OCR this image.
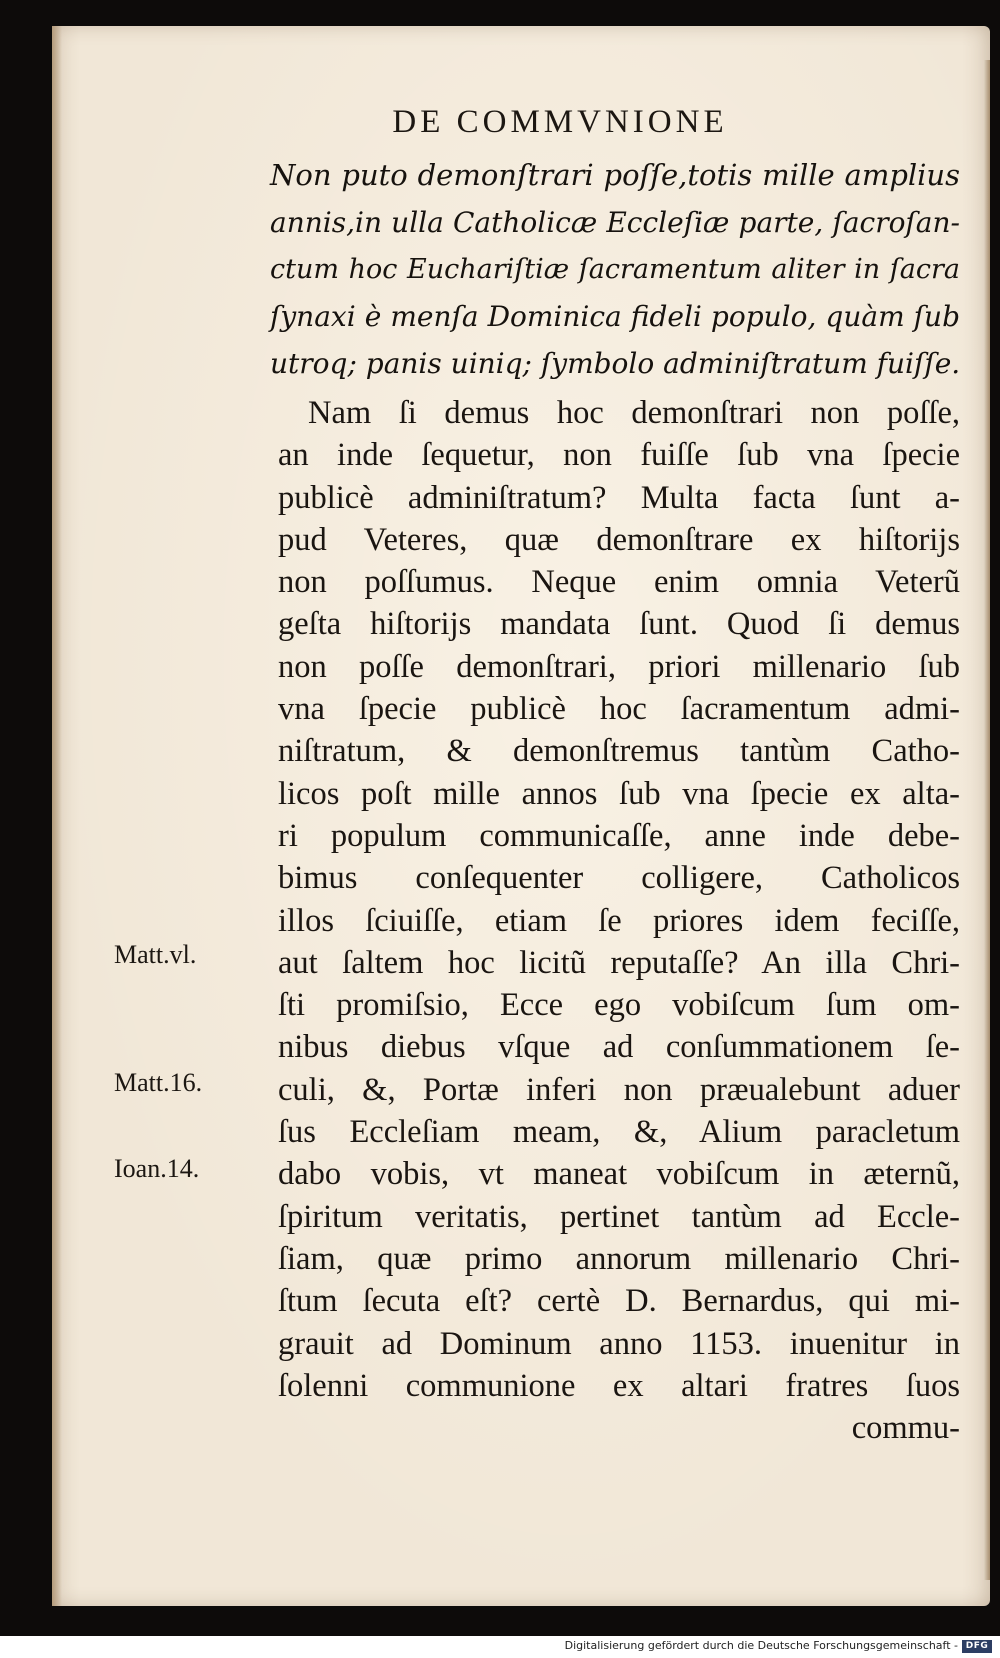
DE COMMVNIONE
Non puto demonſtrari poſſe,totis mille amplius
annis,in ulla Catholicæ Eccleſiæ parte, ſacroſan-
ctum hoc Euchariſtiæ ſacramentum aliter in ſacra
ſynaxi è menſa Dominica fideli populo, quàm ſub
utroq; panis uiniq; ſymbolo adminiſtratum fuiſſe.
Nam ſi demus hoc demonſtrari non poſſe,
an inde ſequetur, non fuiſſe ſub vna ſpecie
publicè adminiſtratum? Multa facta ſunt a-
pud Veteres, quæ demonſtrare ex hiſtorijs
non poſſumus. Neque enim omnia Veterũ
geſta hiſtorijs mandata ſunt. Quod ſi demus
non poſſe demonſtrari, priori millenario ſub
vna ſpecie publicè hoc ſacramentum admi-
niſtratum, & demonſtremus tantùm Catho-
licos poſt mille annos ſub vna ſpecie ex alta-
ri populum communicaſſe, anne inde debe-
bimus conſequenter colligere, Catholicos
illos ſciuiſſe, etiam ſe priores idem feciſſe,
aut ſaltem hoc licitũ reputaſſe? An illa Chri-
ſti promiſsio, Ecce ego vobiſcum ſum om-
nibus diebus vſque ad conſummationem ſe-
culi, &, Portæ inferi non præualebunt aduer
ſus Eccleſiam meam, &, Alium paracletum
dabo vobis, vt maneat vobiſcum in æternũ,
ſpiritum veritatis, pertinet tantùm ad Eccle-
ſiam, quæ primo annorum millenario Chri-
ſtum ſecuta eſt? certè D. Bernardus, qui mi-
grauit ad Dominum anno 1153. inuenitur in
ſolenni communione ex altari fratres ſuos
commu-
Matt.vl.
Matt.16.
Ioan.14.
Digitalisierung gefördert durch die Deutsche Forschungsgemeinschaft - DFG
